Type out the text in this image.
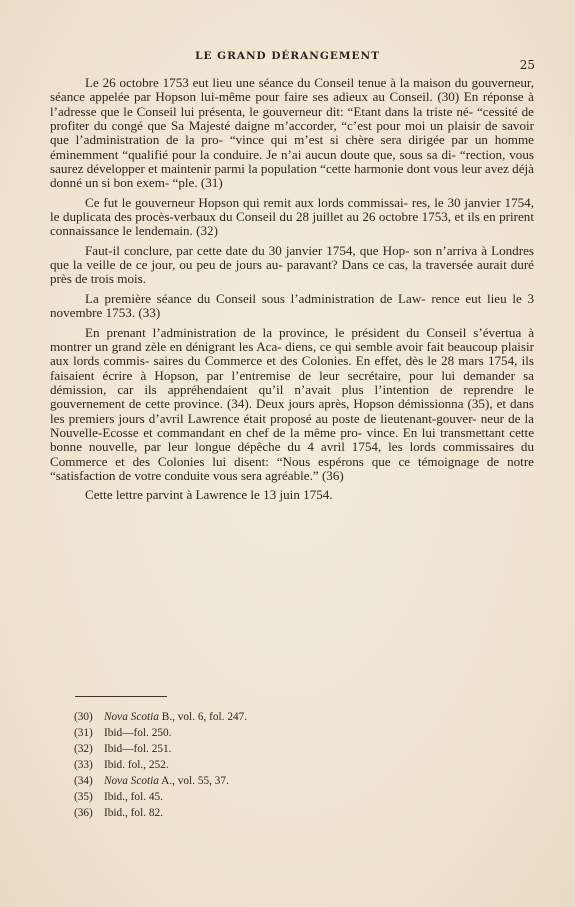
LE GRAND DÉRANGEMENT
25

Le 26 octobre 1753 eut lieu une séance du Conseil tenue à la maison du gouverneur, séance appelée par Hopson lui-même pour faire ses adieux au Conseil. (30) En réponse à l’adresse que le Conseil lui présenta, le gouverneur dit: “Etant dans la triste né- “cessité de profiter du congé que Sa Majesté daigne m’accorder, “c’est pour moi un plaisir de savoir que l’administration de la pro- “vince qui m’est si chère sera dirigée par un homme éminemment “qualifié pour la conduire. Je n’ai aucun doute que, sous sa di- “rection, vous saurez développer et maintenir parmi la population “cette harmonie dont vous leur avez déjà donné un si bon exem- “ple. (31)

Ce fut le gouverneur Hopson qui remit aux lords commissai- res, le 30 janvier 1754, le duplicata des procès-verbaux du Conseil du 28 juillet au 26 octobre 1753, et ils en prirent connaissance le lendemain. (32)

Faut-il conclure, par cette date du 30 janvier 1754, que Hop- son n’arriva à Londres que la veille de ce jour, ou peu de jours au- paravant? Dans ce cas, la traversée aurait duré près de trois mois.

La première séance du Conseil sous l’administration de Law- rence eut lieu le 3 novembre 1753. (33)

En prenant l’administration de la province, le président du Conseil s’évertua à montrer un grand zèle en dénigrant les Aca- diens, ce qui semble avoir fait beaucoup plaisir aux lords commis- saires du Commerce et des Colonies. En effet, dès le 28 mars 1754, ils faisaient écrire à Hopson, par l’entremise de leur secrétaire, pour lui demander sa démission, car ils appréhendaient qu’il n’avait plus l’intention de reprendre le gouvernement de cette province. (34). Deux jours après, Hopson démissionna (35), et dans les premiers jours d’avril Lawrence était proposé au poste de lieutenant-gouver- neur de la Nouvelle-Ecosse et commandant en chef de la même pro- vince. En lui transmettant cette bonne nouvelle, par leur longue dépêche du 4 avril 1754, les lords commissaires du Commerce et des Colonies lui disent: “Nous espérons que ce témoignage de notre “satisfaction de votre conduite vous sera agréable.” (36)

Cette lettre parvint à Lawrence le 13 juin 1754.

(30) Nova Scotia B., vol. 6, fol. 247.
(31) Ibid—fol. 250.
(32) Ibid—fol. 251.
(33) Ibid. fol., 252.
(34) Nova Scotia A., vol. 55, 37.
(35) Ibid., fol. 45.
(36) Ibid., fol. 82.
